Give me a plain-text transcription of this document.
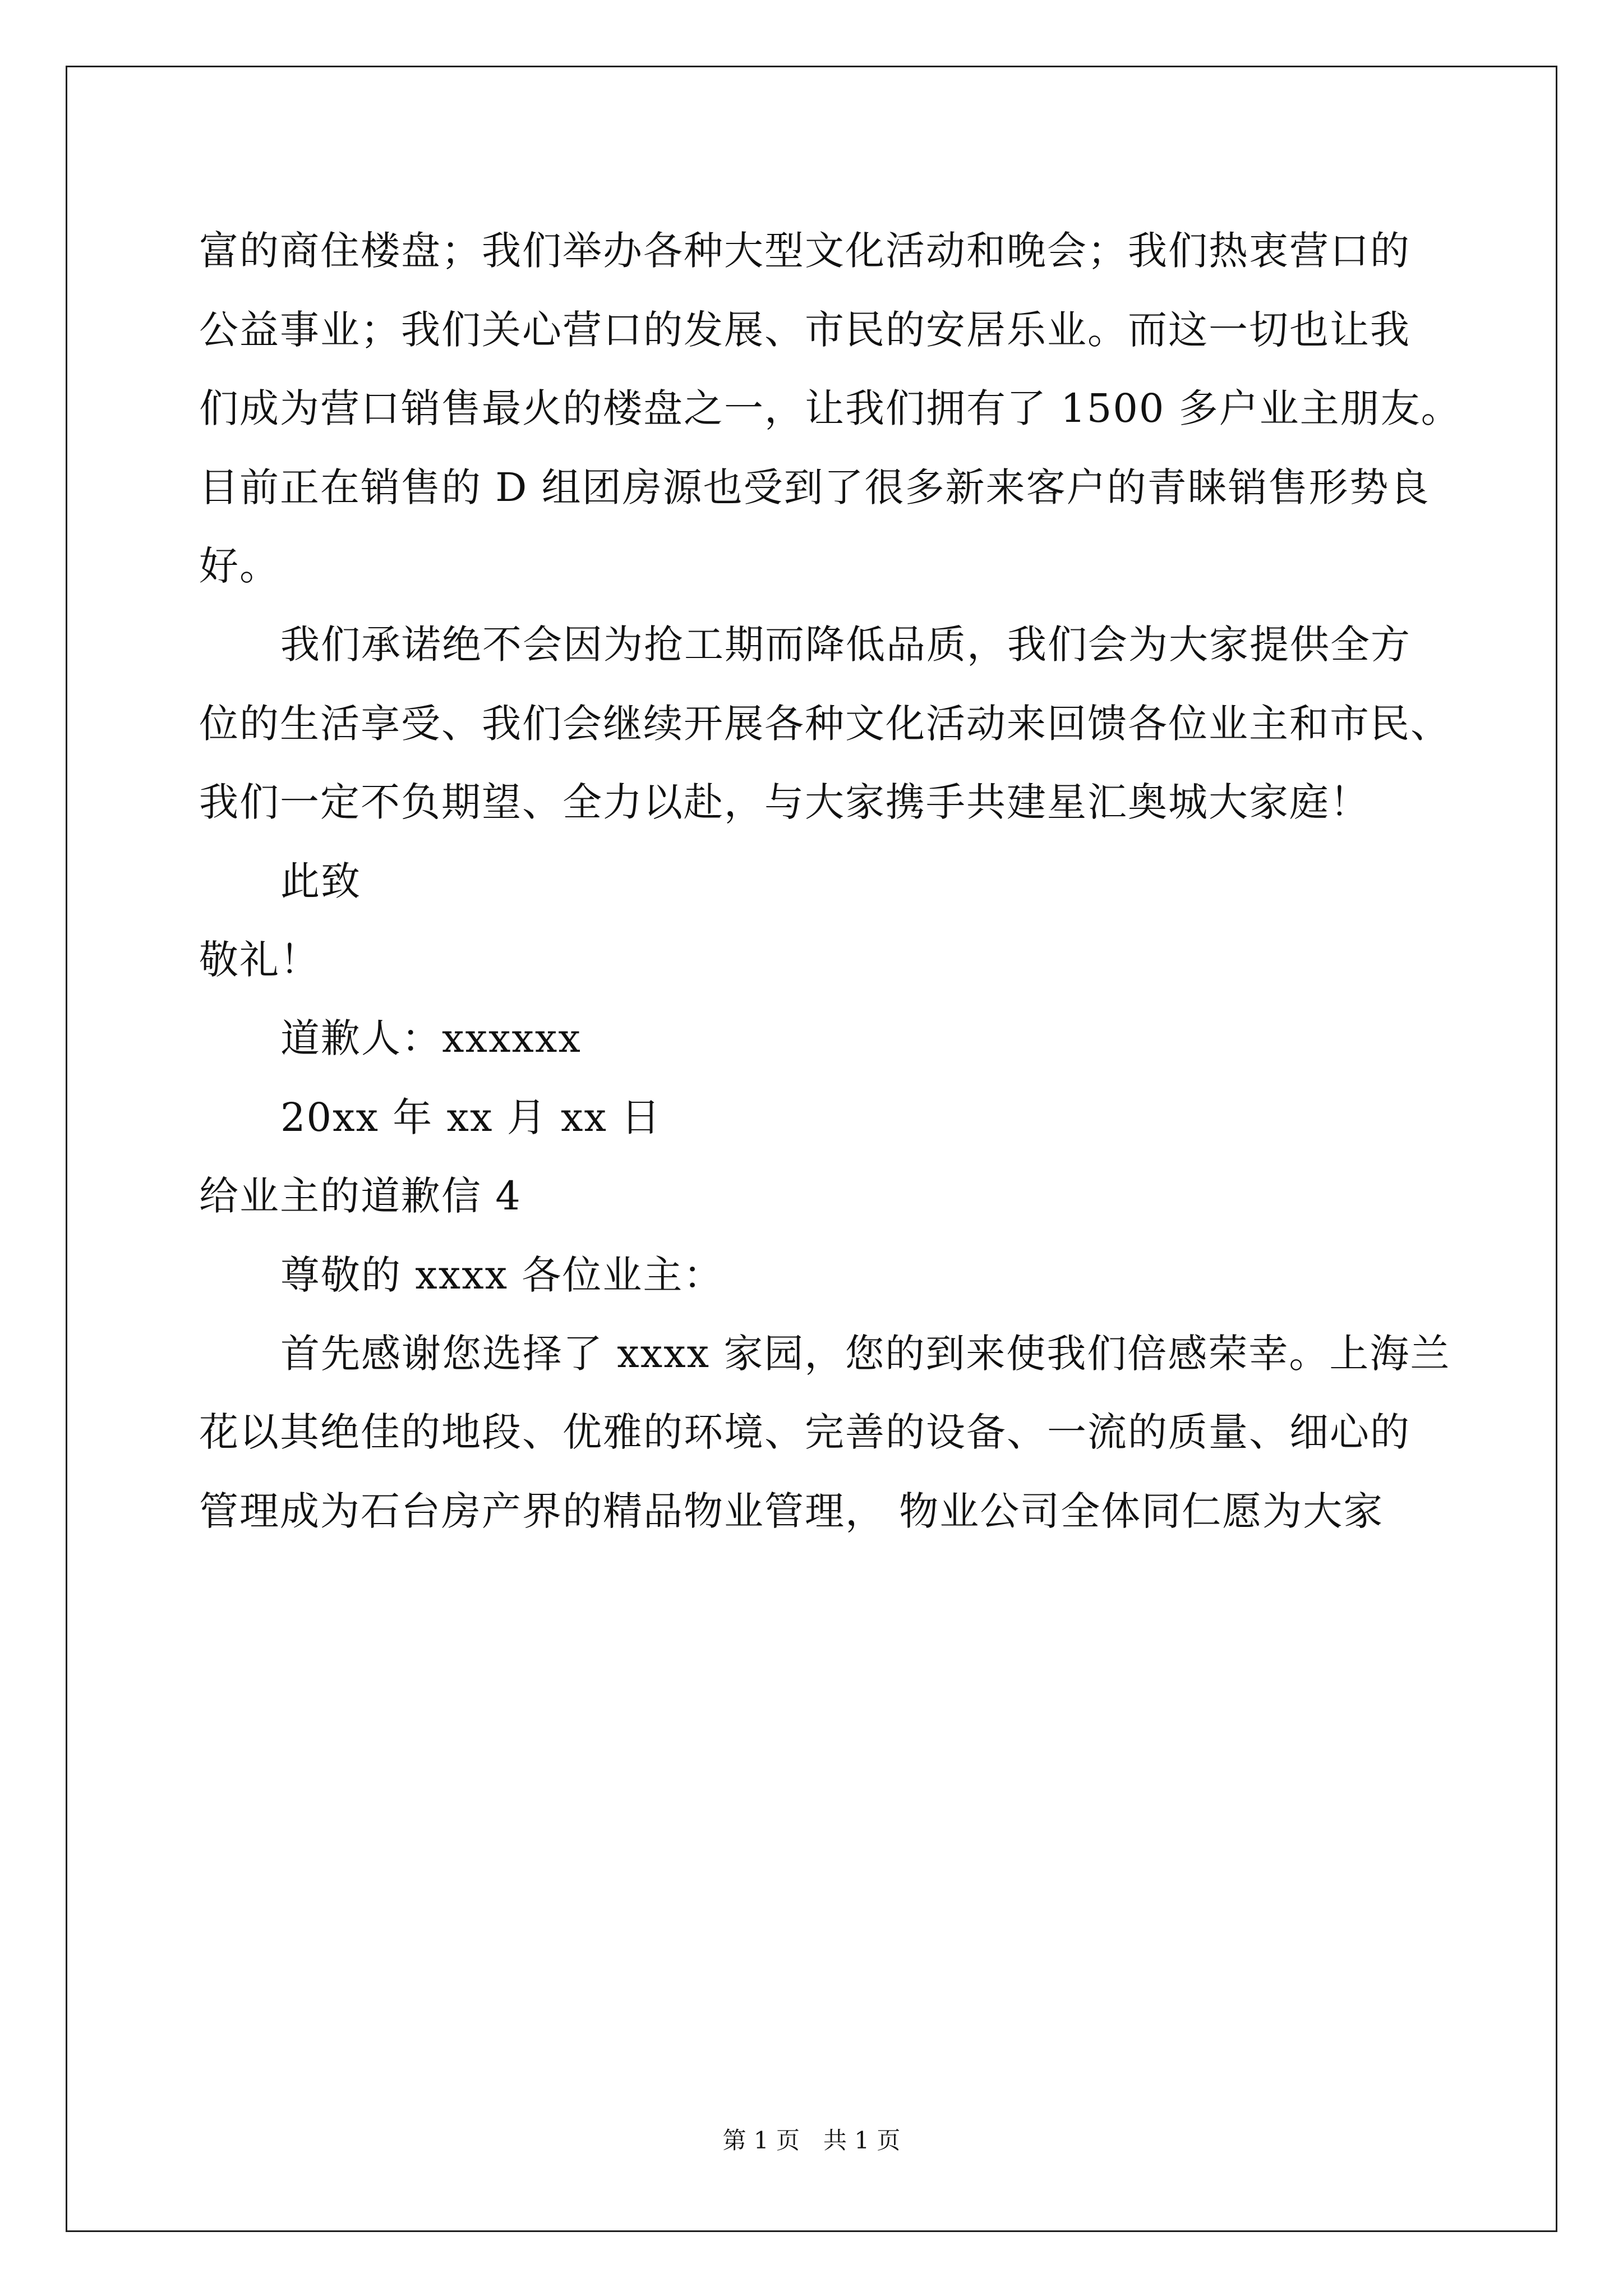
富的商住楼盘；我们举办各种大型文化活动和晚会；我们热衷营口的
公益事业；我们关心营口的发展、市民的安居乐业。而这一切也让我
们成为营口销售最火的楼盘之一，让我们拥有了 1500 多户业主朋友。
目前正在销售的 D 组团房源也受到了很多新来客户的青睐销售形势良
好。
我们承诺绝不会因为抢工期而降低品质，我们会为大家提供全方
位的生活享受、我们会继续开展各种文化活动来回馈各位业主和市民、
我们一定不负期望、全力以赴，与大家携手共建星汇奥城大家庭！
此致
敬礼！
道歉人：xxxxxx
20xx 年 xx 月 xx 日
给业主的道歉信 4
尊敬的 xxxx 各位业主：
首先感谢您选择了 xxxx 家园，您的到来使我们倍感荣幸。上海兰
花以其绝佳的地段、优雅的环境、完善的设备、一流的质量、细心的
管理成为石台房产界的精品物业管理， 物业公司全体同仁愿为大家
第 1 页　共 1 页
